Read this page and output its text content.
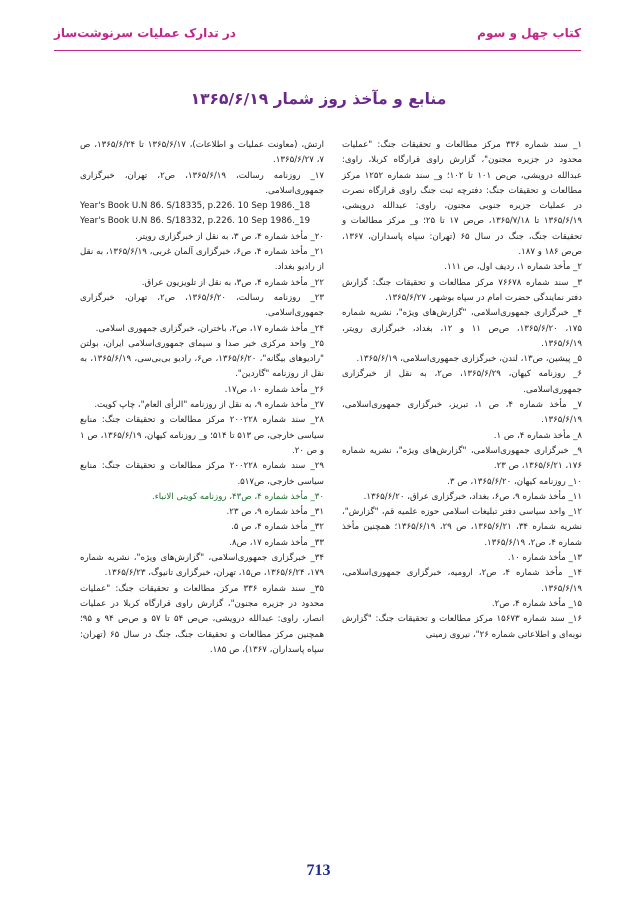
کتاب چهل و سوم
در تدارک عملیات سرنوشت‌ساز
منابع و مآخذ روز شمار ۱۳۶۵/۶/۱۹

۱_ سند شماره ۳۳۶ مرکز مطالعات و تحقیقات جنگ: "عملیات محدود در جزیره مجنون"، گزارش راوی قرارگاه کربلا، راوی: عبدالله درویشی، ص‌ص ۱۰۱ تا ۱۰۲؛ و_ سند شماره ۱۲۵۲ مرکز مطالعات و تحقیقات جنگ: دفترچه ثبت جنگ راوی قرارگاه نصرت در عملیات جزیره جنوبی مجنون، راوی: عبدالله درویشی، ۱۳۶۵/۶/۱۹ تا ۱۳۶۵/۷/۱۸، ص‌ص ۱۷ تا ۲۵؛ و_ مرکز مطالعات و تحقیقات جنگ، جنگ در سال ۶۵ (تهران: سپاه پاسداران، ۱۳۶۷، ص‌ص ۱۸۶ و ۱۸۷.

۲_ مأخذ شماره ۱، ردیف اول، ص ۱۱۱.

۳_ سند شماره ۷۶۶۷۸ مرکز مطالعات و تحقیقات جنگ: گزارش دفتر نمایندگی حضرت امام در سپاه بوشهر، ۱۳۶۵/۶/۲۷.

۴_ خبرگزاری جمهوری‌اسلامی، "گزارش‌های ویژه"، نشریه شماره ۱۷۵، ۱۳۶۵/۶/۲۰، ص‌ص ۱۱ و ۱۲، بغداد، خبرگزاری رویتر، ۱۳۶۵/۶/۱۹.

۵_ پیشین، ص۱۳، لندن، خبرگزاری جمهوری‌اسلامی، ۱۳۶۵/۶/۱۹.

۶_ روزنامه کیهان، ۱۳۶۵/۶/۲۹، ص۲، به نقل از خبرگزاری جمهوری‌اسلامی.

۷_ مأخذ شماره ۴، ص ۱، تبریز، خبرگزاری جمهوری‌اسلامی، ۱۳۶۵/۶/۱۹.

۸_ مأخذ شماره ۴، ص ۱.

۹_ خبرگزاری جمهوری‌اسلامی، "گزارش‌های ویژه"، نشریه شماره ۱۷۶، ۱۳۶۵/۶/۲۱، ص ۲۳.

۱۰_ روزنامه کیهان، ۱۳۶۵/۶/۲۰، ص ۳.

۱۱_ مأخذ شماره ۹، ص۶، بغداد، خبرگزاری عراق، ۱۳۶۵/۶/۲۰.

۱۲_ واحد سیاسی دفتر تبلیغات اسلامی حوزه علمیه قم، "گزارش"، نشریه شماره ۳۴، ۱۳۶۵/۶/۲۱، ص ۲۹، ۱۳۶۵/۶/۱۹؛ همچنین مأخذ شماره ۴، ص۲، ۱۳۶۵/۶/۱۹.

۱۳_ مأخذ شماره ۱۰.

۱۴_ مأخذ شماره ۴، ص۲، ارومیه، خبرگزاری جمهوری‌اسلامی، ۱۳۶۵/۶/۱۹.

۱۵_ مأخذ شماره ۴، ص۲.

۱۶_ سند شماره ۱۵۶۷۳ مرکز مطالعات و تحقیقات جنگ: "گزارش نوبه‌ای و اطلاعاتی شماره ۲۶"، نیروی زمینی

ارتش، (معاونت عملیات و اطلاعات)، ۱۳۶۵/۶/۱۷ تا ۱۳۶۵/۶/۲۴، ص ۷، ۱۳۶۵/۶/۲۷.

۱۷_ روزنامه رسالت، ۱۳۶۵/۶/۱۹، ص۲، تهران، خبرگزاری جمهوری‌اسلامی.

Year's Book U.N 86. S/18335, p.226. 10 Sep 1986._18

Year's Book U.N 86. S/18332, p.226. 10 Sep 1986._19

۲۰_ مأخذ شماره ۴، ص ۳، به نقل از خبرگزاری رویتر.

۲۱_ مأخذ شماره ۴، ص۶، خبرگزاری آلمان غربی، ۱۳۶۵/۶/۱۹، به نقل از رادیو بغداد.

۲۲_ مأخذ شماره ۴، ص۳، به نقل از تلویزیون عراق.

۲۳_ روزنامه رسالت، ۱۳۶۵/۶/۲۰، ص۲، تهران، خبرگزاری جمهوری‌اسلامی.

۲۴_ مأخذ شماره ۱۷، ص۲، باختران، خبرگزاری جمهوری اسلامی.

۲۵_ واحد مرکزی خبر صدا و سیمای جمهوری‌اسلامی ایران، بولتن "رادیوهای بیگانه"، ۱۳۶۵/۶/۲۰، ص۶، رادیو بی‌بی‌سی، ۱۳۶۵/۶/۱۹، به نقل از روزنامه "گاردین".

۲۶_ مأخذ شماره ۱۰، ص۱۷.

۲۷_ مأخذ شماره ۹، به نقل از روزنامه "الرأی العام"، چاپ کویت.

۲۸_ سند شماره ۲۰۰۲۲۸ مرکز مطالعات و تحقیقات جنگ: منابع سیاسی خارجی، ص ۵۱۳ تا ۵۱۴؛ و_ روزنامه کیهان، ۱۳۶۵/۶/۱۹، ص ۱ و ص ۲۰.

۲۹_ سند شماره ۲۰۰۲۲۸ مرکز مطالعات و تحقیقات جنگ: منابع سیاسی خارجی، ص۵۱۷.

۳۰_ مأخذ شماره ۴، ص۴۳، روزنامه کویتی الانباء.

۳۱_ مأخذ شماره ۹، ص ۲۳.

۳۲_ مأخذ شماره ۴، ص ۵.

۳۳_ مأخذ شماره ۱۷، ص۸.

۳۴_ خبرگزاری جمهوری‌اسلامی، "گزارش‌های ویژه"، نشریه شماره ۱۷۹، ۱۳۶۵/۶/۲۴، ص۱۵، تهران، خبرگزاری تانیوگ، ۱۳۶۵/۶/۲۳.

۳۵_ سند شماره ۳۳۶ مرکز مطالعات و تحقیقات جنگ: "عملیات محدود در جزیره مجنون"، گزارش راوی قرارگاه کربلا در عملیات انصار، راوی: عبدالله درویشی، ص‌ص ۵۴ تا ۵۷ و ص‌ص ۹۴ و ۹۵؛ همچنین مرکز مطالعات و تحقیقات جنگ، جنگ در سال ۶۵ (تهران: سپاه پاسداران، ۱۳۶۷)، ص ۱۸۵.

713
